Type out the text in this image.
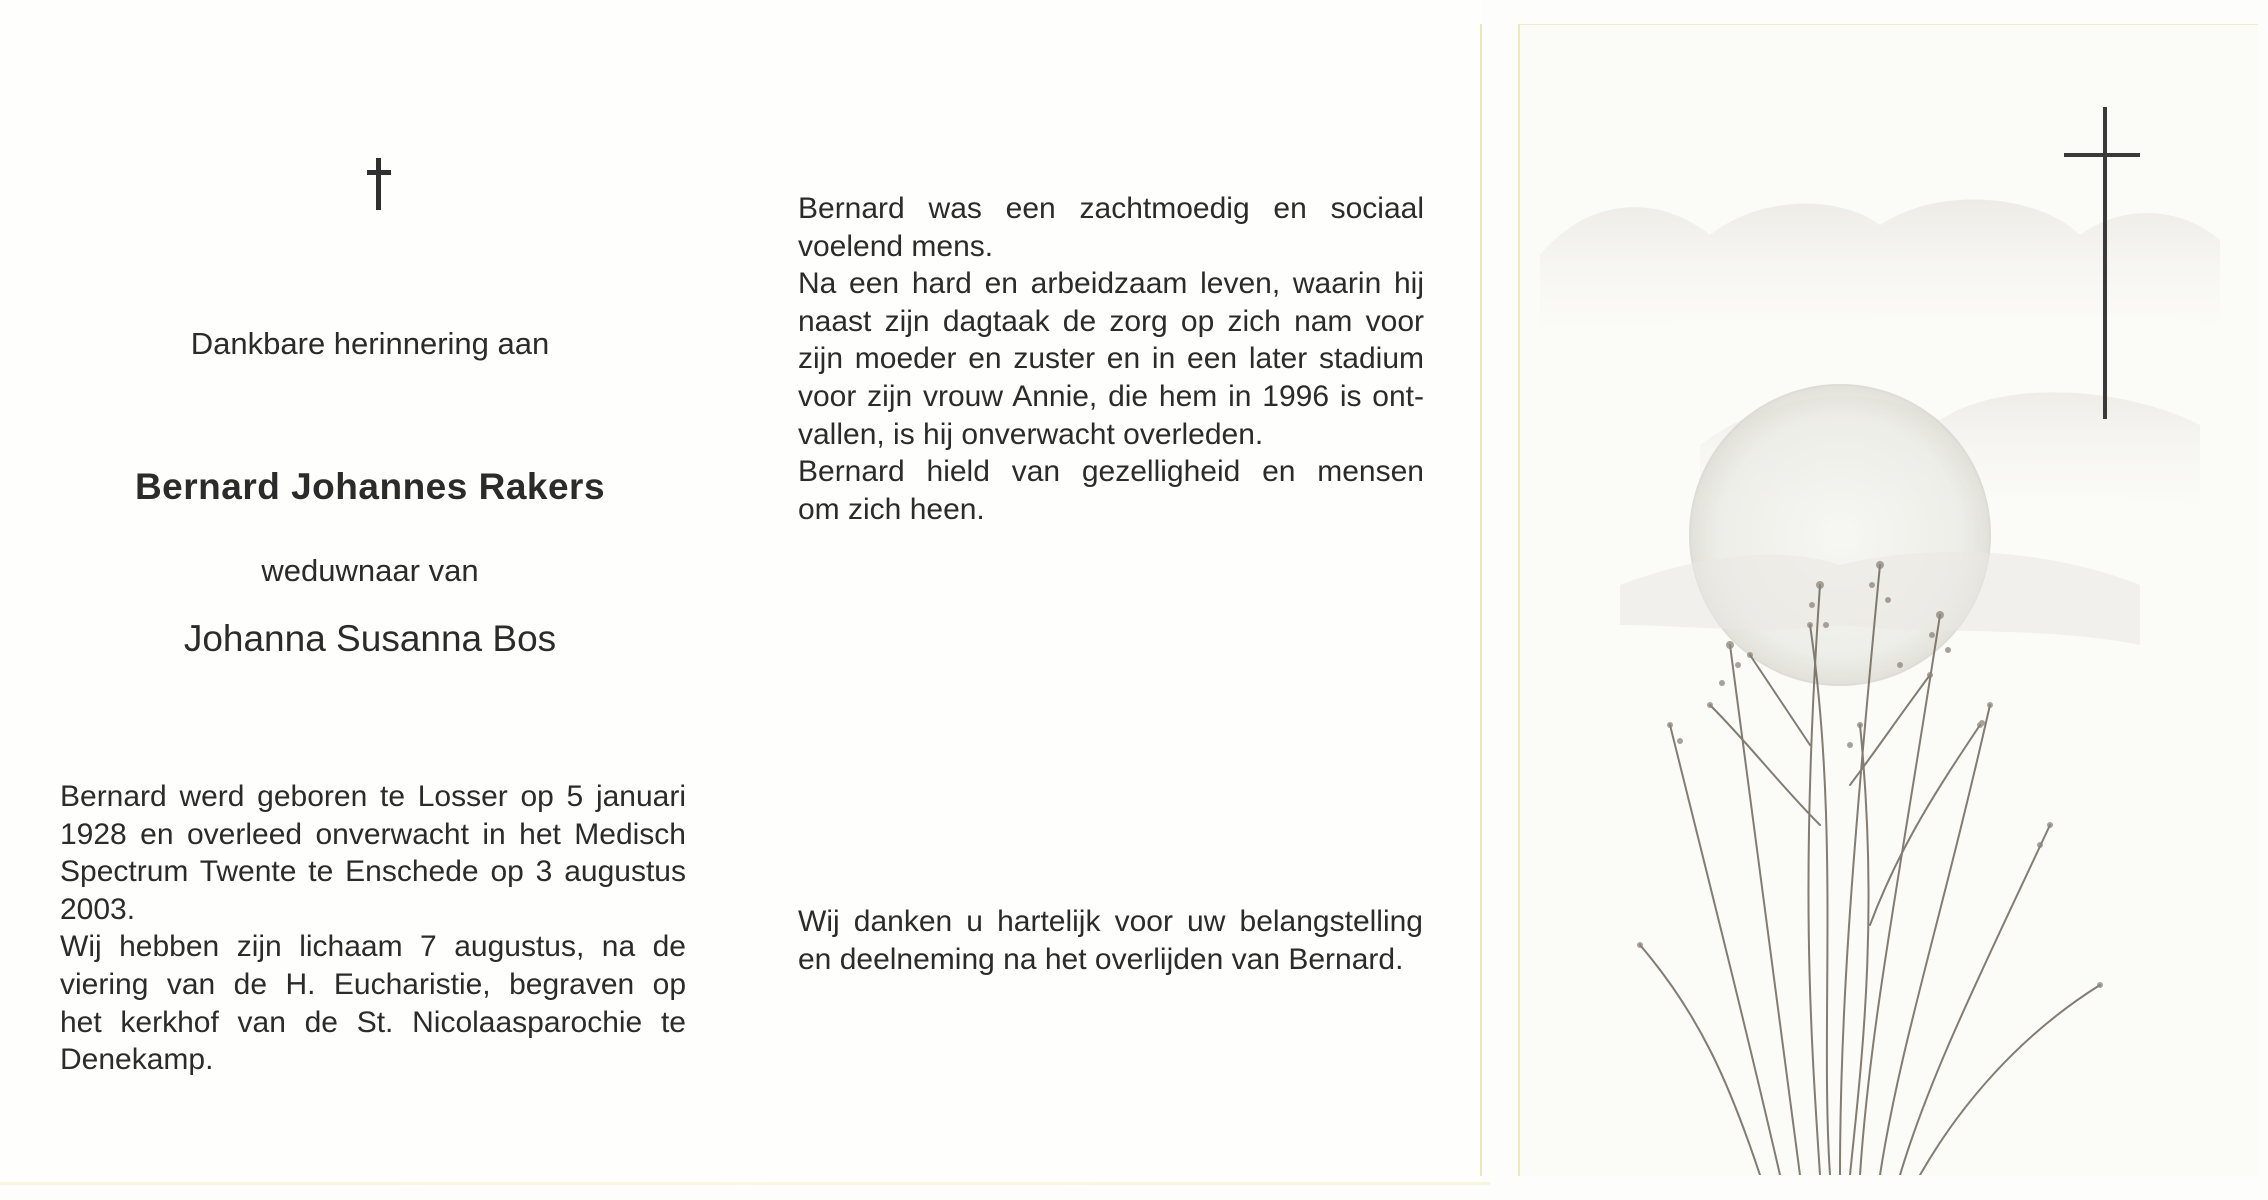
Dankbare herinnering aan
Bernard Johannes Rakers
weduwnaar van
Johanna Susanna Bos
Bernard werd geboren te Losser op 5 januari
1928 en overleed onverwacht in het Medisch
Spectrum Twente te Enschede op 3 augustus
2003.
Wij hebben zijn lichaam 7 augustus, na de
viering van de H. Eucharistie, begraven op
het kerkhof van de St. Nicolaasparochie te
Denekamp.
Bernard was een zachtmoedig en sociaal
voelend mens.
Na een hard en arbeidzaam leven, waarin hij
naast zijn dagtaak de zorg op zich nam voor
zijn moeder en zuster en in een later stadium
voor zijn vrouw Annie, die hem in 1996 is ont-
vallen, is hij onverwacht overleden.
Bernard hield van gezelligheid en mensen
om zich heen.
Wij danken u hartelijk voor uw belangstelling
en deelneming na het overlijden van Bernard.
